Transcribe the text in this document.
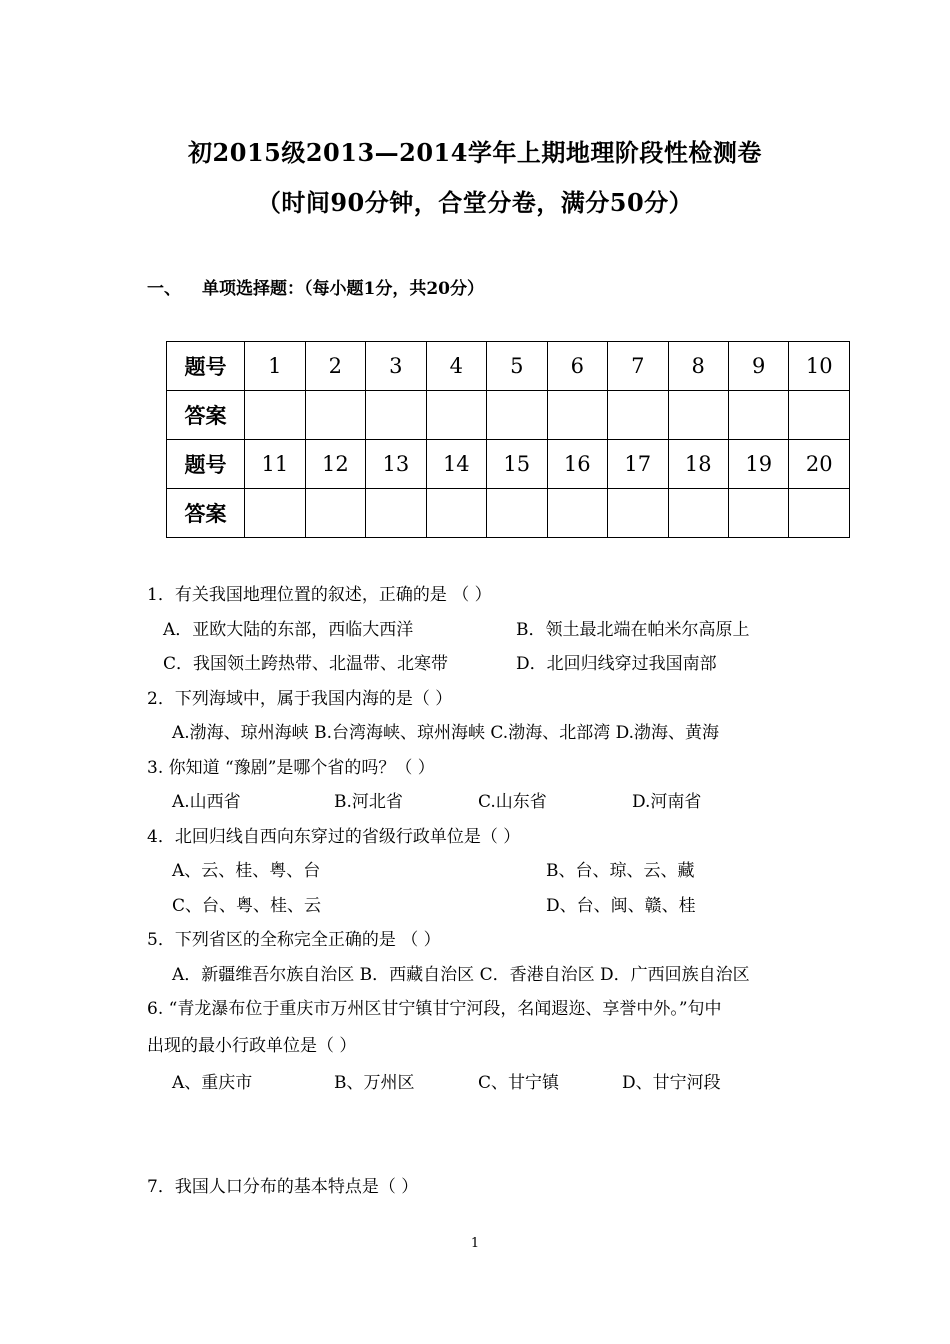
初2015级2013—2014学年上期地理阶段性检测卷
（时间90分钟，合堂分卷，满分50分）
一、 单项选择题：（每小题1分，共20分）
题号	1	2	3	4	5	6	7	8	9	10
答案										
题号	11	12	13	14	15	16	17	18	19	20
答案										
1．有关我国地理位置的叙述，正确的是 （ ）
A．亚欧大陆的东部，西临大西洋	B．领土最北端在帕米尔高原上
C．我国领土跨热带、北温带、北寒带	D．北回归线穿过我国南部
2．下列海域中，属于我国内海的是（ ）
A.渤海、琼州海峡 B.台湾海峡、琼州海峡 C.渤海、北部湾 D.渤海、黄海
3. 你知道 “豫剧”是哪个省的吗？（ ）
A.山西省	B.河北省	C.山东省	D.河南省
4．北回归线自西向东穿过的省级行政单位是（ ）
A、云、桂、粤、台	B、台、琼、云、藏
C、台、粤、桂、云	D、台、闽、赣、桂
5．下列省区的全称完全正确的是 （ ）
A．新疆维吾尔族自治区 B．西藏自治区 C．香港自治区 D．广西回族自治区
6. “青龙瀑布位于重庆市万州区甘宁镇甘宁河段，名闻遐迩、享誉中外。”句中
出现的最小行政单位是（ ）
A、重庆市	B、万州区	C、甘宁镇	D、甘宁河段
7．我国人口分布的基本特点是（ ）
1
